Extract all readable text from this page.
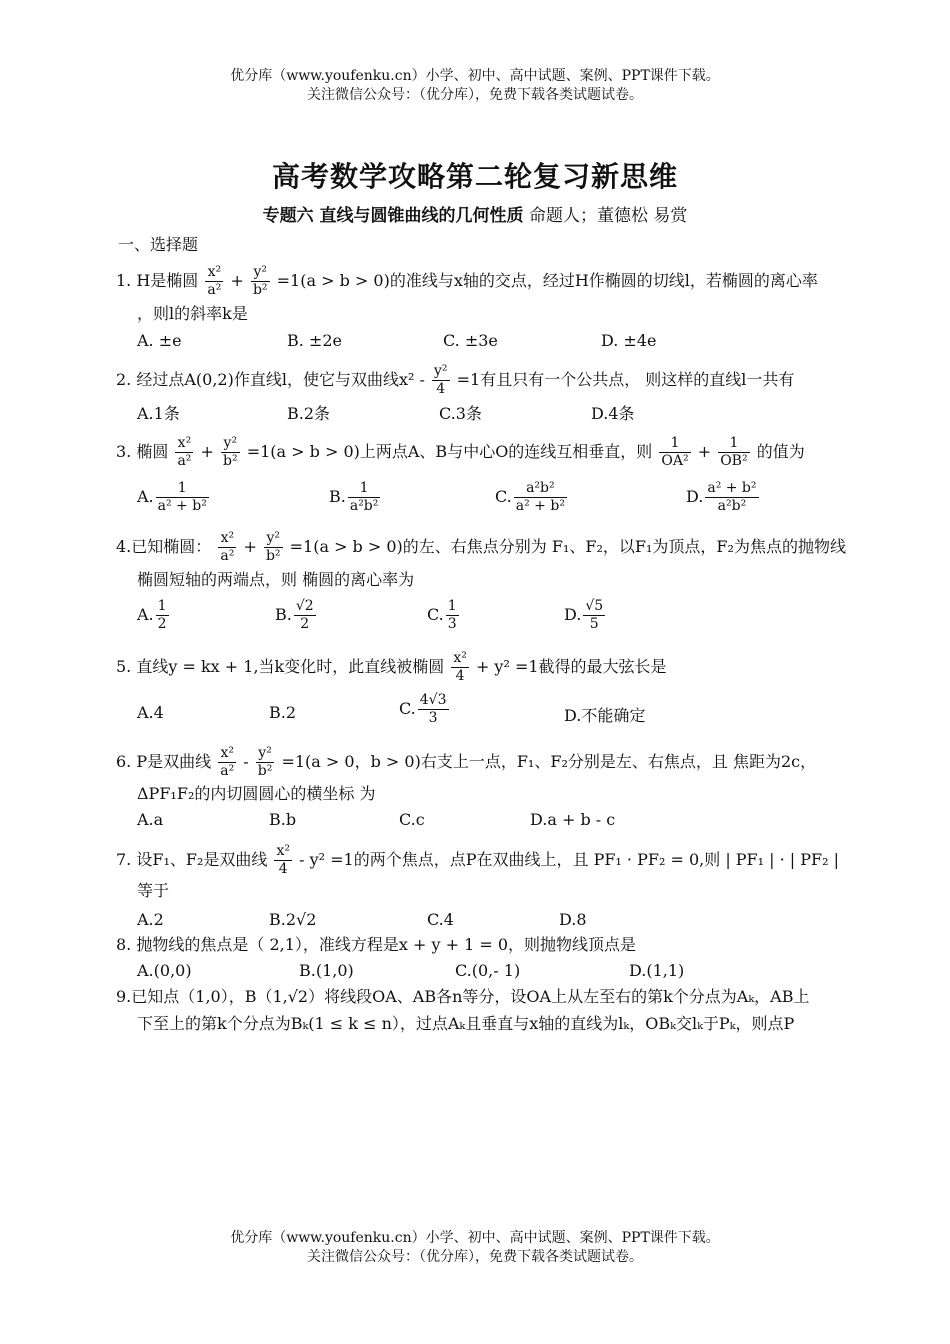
优分库（www.youfenku.cn）小学、初中、高中试题、案例、PPT课件下载。
关注微信公众号：（优分库），免费下载各类试题试卷。
高考数学攻略第二轮复习新思维
专题六 直线与圆锥曲线的几何性质 命题人；董德松 易赏
一、选择题
1. H是椭圆 $\frac{\text{x²}}{\text{a²}} + \frac{\text{y²}}{\text{b²}} =1(a > b > 0)$的准线与x轴的交点，经过H作椭圆的切线l，若椭圆的离心率
，则l的斜率k是
A. ±e	B. ±2e	C. ±3e	D. ±4e
2. 经过点A(0,2)作直线l，使它与双曲线$x^2 - \frac{\text{y²}}{4} =1$有且只有一个公共点， 则这样的直线l一共有
A.1条	B.2条	C.3条	D.4条
3. 椭圆 $\frac{\text{x²}}{\text{a²}} + \frac{\text{y²}}{\text{b²}} =1(a > b > 0)$上两点A、B与中心O的连线互相垂直，则 $\frac{1}{\text{OA²}} + \frac{1}{\text{OB²}}$ 的值为
A. $\frac{1}{\text{a² + b²}}$	B. $\frac{1}{\text{a²b²}}$	C. $\frac{\text{a²b²}}{\text{a² + b²}}$	D. $\frac{\text{a² + b²}}{\text{a²b²}}$
4.已知椭圆： $\frac{\text{x²}}{\text{a²}} + \frac{\text{y²}}{\text{b²}} =1(a > b > 0)$的左、右焦点分别为 F₁、F₂，以F₁为顶点，F₂为焦点的抛物线
椭圆短轴的两端点，则 椭圆的离心率为
A. $\frac{1}{2}$	B. $\frac{√2}{2}$	C. $\frac{1}{3}$	D. $\frac{√5}{5}$
5. 直线y = kx + 1,当k变化时，此直线被椭圆 $\frac{\text{x²}}{4} + y^2 =1$截得的最大弦长是
A.4	B.2	C. $\frac{4√3}{3}$	D.不能确定
6. P是双曲线 $\frac{\text{x²}}{\text{a²}} - \frac{\text{y²}}{\text{b²}} =1(a > 0$，b > 0)右支上一点，F₁、F₂分别是左、右焦点，且 焦距为2c，
ΔPF₁F₂的内切圆圆心的横坐标 为
A.a	B.b	C.c	D.a + b - c
7. 设F₁、F₂是双曲线 $\frac{\text{x²}}{4} - y^2 =1$的两个焦点，点P在双曲线上，且 PF₁ · PF₂ = 0,则 | PF₁ | · | PF₂ |
等于
A.2	B.2√2	C.4	D.8
8. 抛物线的焦点是（ 2,1），准线方程是x + y + 1 = 0，则抛物线顶点是
A.(0,0)	B.(1,0)	C.(0,- 1)	D.(1,1)
9.已知点（1,0），B（1,√2）将线段OA、AB各n等分，设OA上从左至右的第k个分点为Aₖ，AB上
下至上的第k个分点为Bₖ(1 ≤ k ≤ n），过点Aₖ且垂直与x轴的直线为lₖ，OBₖ交lₖ于Pₖ，则点P
优分库（www.youfenku.cn）小学、初中、高中试题、案例、PPT课件下载。
关注微信公众号：（优分库），免费下载各类试题试卷。
